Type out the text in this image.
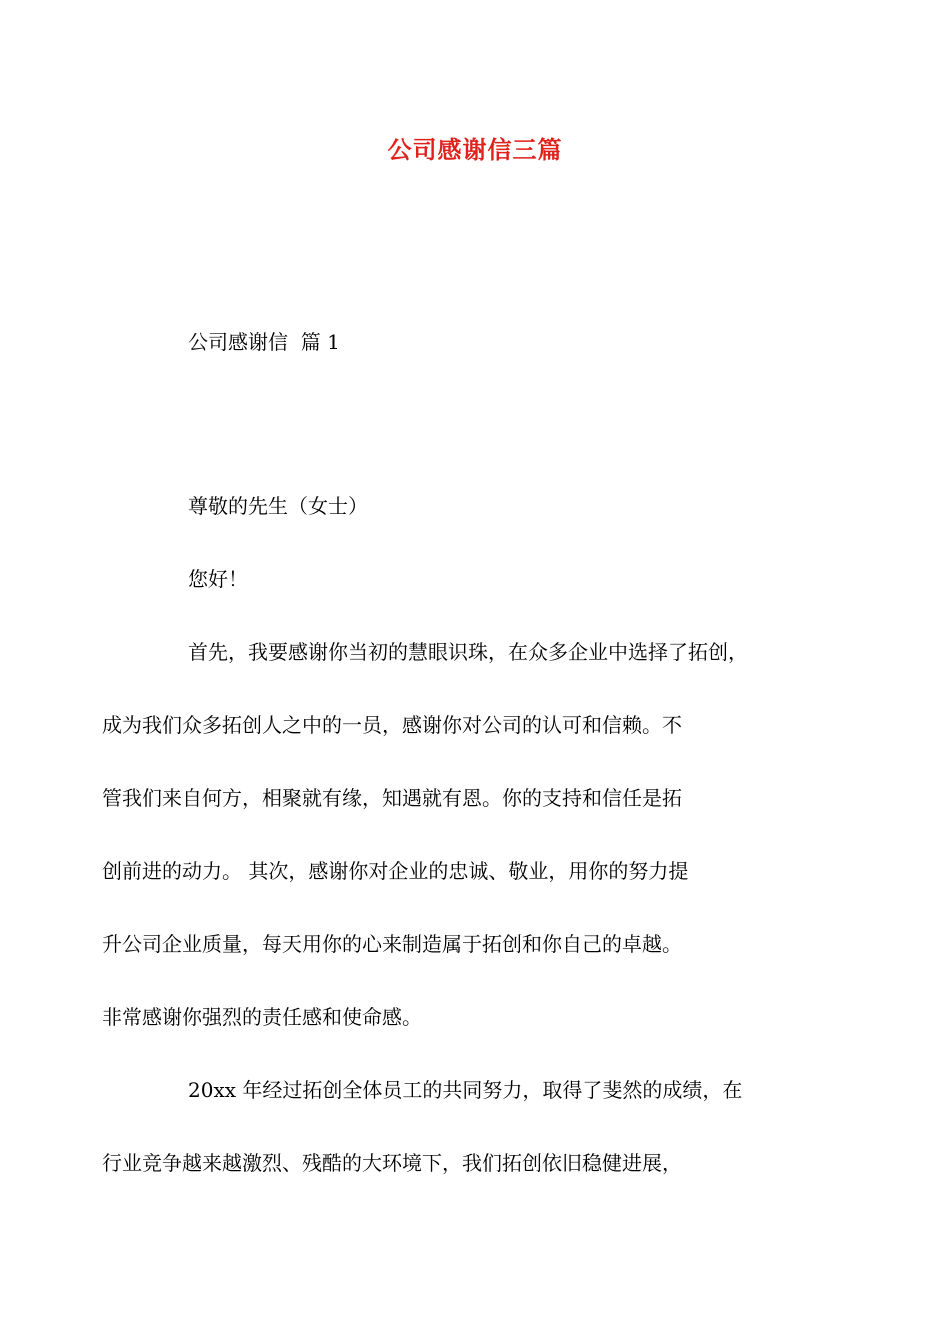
公司感谢信三篇
公司感谢信  篇 1

尊敬的先生（女士）

您好！

首先，我要感谢你当初的慧眼识珠，在众多企业中选择了拓创，
成为我们众多拓创人之中的一员，感谢你对公司的认可和信赖。不
管我们来自何方，相聚就有缘，知遇就有恩。你的支持和信任是拓
创前进的动力。 其次，感谢你对企业的忠诚、敬业，用你的努力提
升公司企业质量，每天用你的心来制造属于拓创和你自己的卓越。
非常感谢你强烈的责任感和使命感。

20xx 年经过拓创全体员工的共同努力，取得了斐然的成绩，在
行业竞争越来越激烈、残酷的大环境下，我们拓创依旧稳健进展，
